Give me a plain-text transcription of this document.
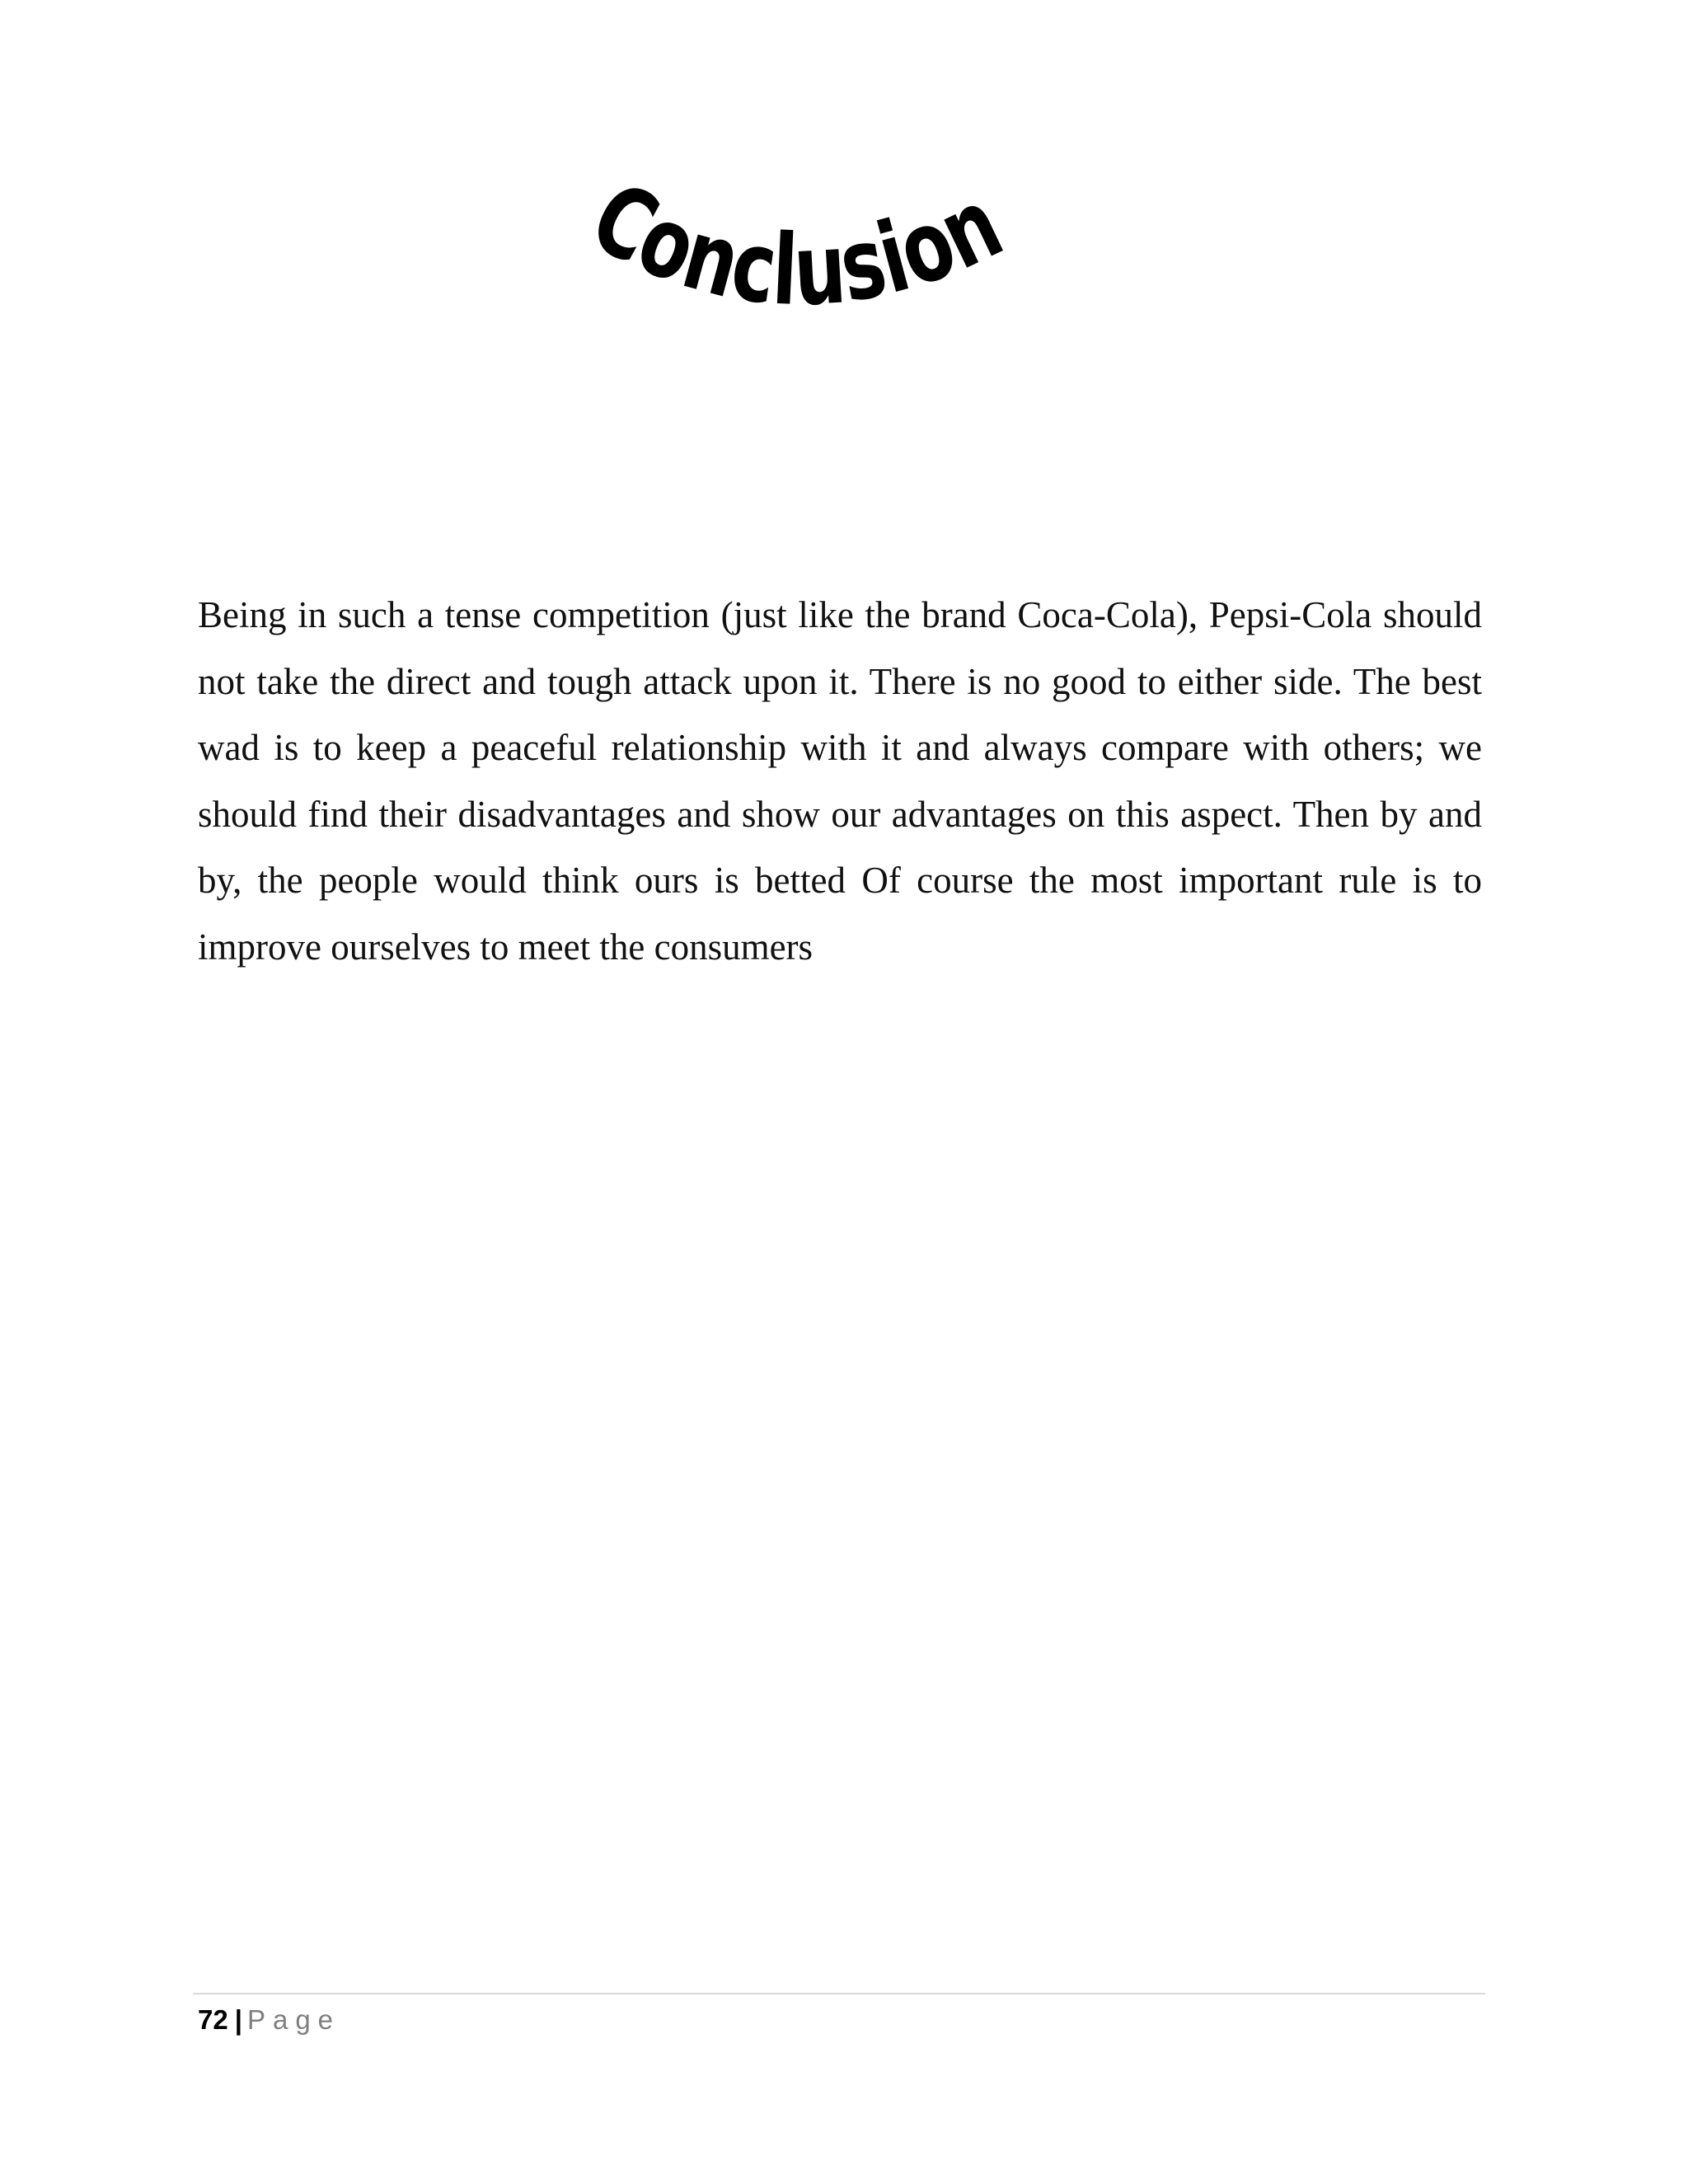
Conclusion

Being in such a tense competition (just like the brand Coca-Cola), Pepsi-Cola should not take the direct and tough attack upon it. There is no good to either side. The best wad is to keep a peaceful relationship with it and always compare with others; we should find their disadvantages and show our advantages on this aspect. Then by and by, the people would think ours is betted Of course the most important rule is to improve ourselves to meet the consumers

72 | Page
